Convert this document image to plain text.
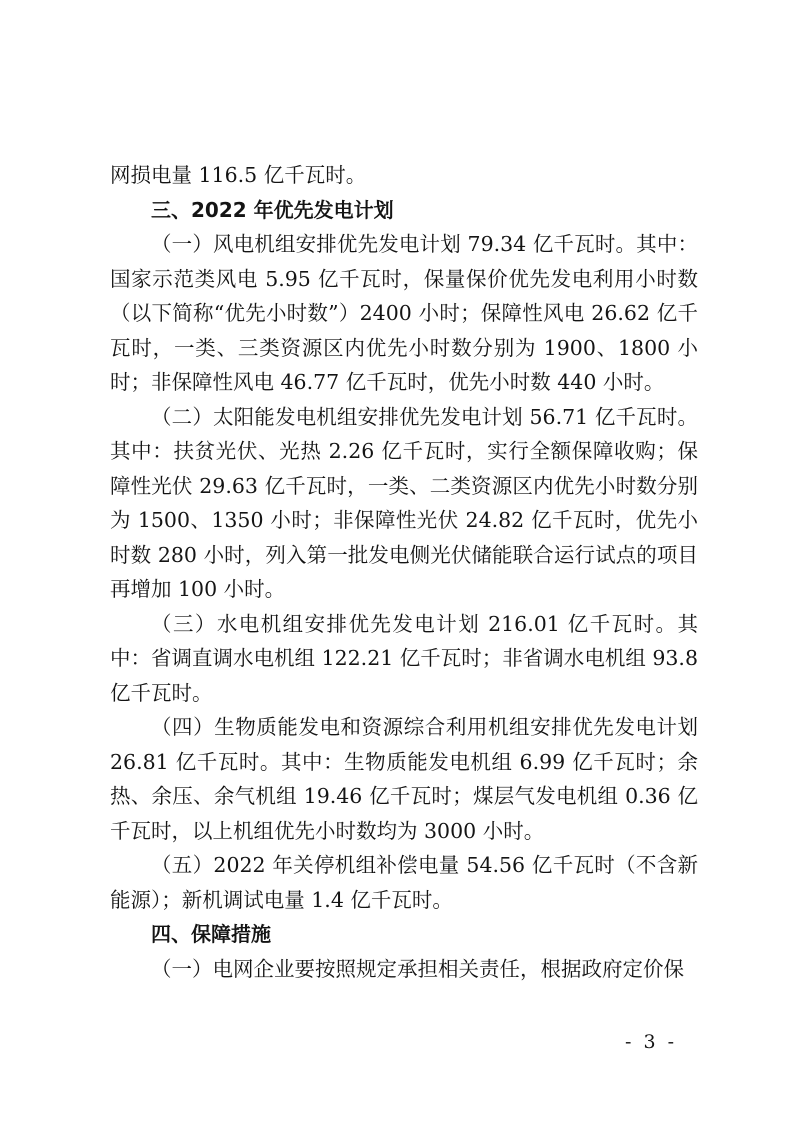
网损电量 116.5 亿千瓦时。

三、2022 年优先发电计划

（一）风电机组安排优先发电计划 79.34 亿千瓦时。其中：国家示范类风电 5.95 亿千瓦时，保量保价优先发电利用小时数（以下简称“优先小时数”）2400 小时；保障性风电 26.62 亿千瓦时，一类、三类资源区内优先小时数分别为 1900、1800 小时；非保障性风电 46.77 亿千瓦时，优先小时数 440 小时。

（二）太阳能发电机组安排优先发电计划 56.71 亿千瓦时。其中：扶贫光伏、光热 2.26 亿千瓦时，实行全额保障收购；保障性光伏 29.63 亿千瓦时，一类、二类资源区内优先小时数分别为 1500、1350 小时；非保障性光伏 24.82 亿千瓦时，优先小时数 280 小时，列入第一批发电侧光伏储能联合运行试点的项目再增加 100 小时。

（三）水电机组安排优先发电计划 216.01 亿千瓦时。其中：省调直调水电机组 122.21 亿千瓦时；非省调水电机组 93.8 亿千瓦时。

（四）生物质能发电和资源综合利用机组安排优先发电计划 26.81 亿千瓦时。其中：生物质能发电机组 6.99 亿千瓦时；余热、余压、余气机组 19.46 亿千瓦时；煤层气发电机组 0.36 亿千瓦时，以上机组优先小时数均为 3000 小时。

（五）2022 年关停机组补偿电量 54.56 亿千瓦时（不含新能源）；新机调试电量 1.4 亿千瓦时。

四、保障措施

（一）电网企业要按照规定承担相关责任，根据政府定价保

- 3 -
